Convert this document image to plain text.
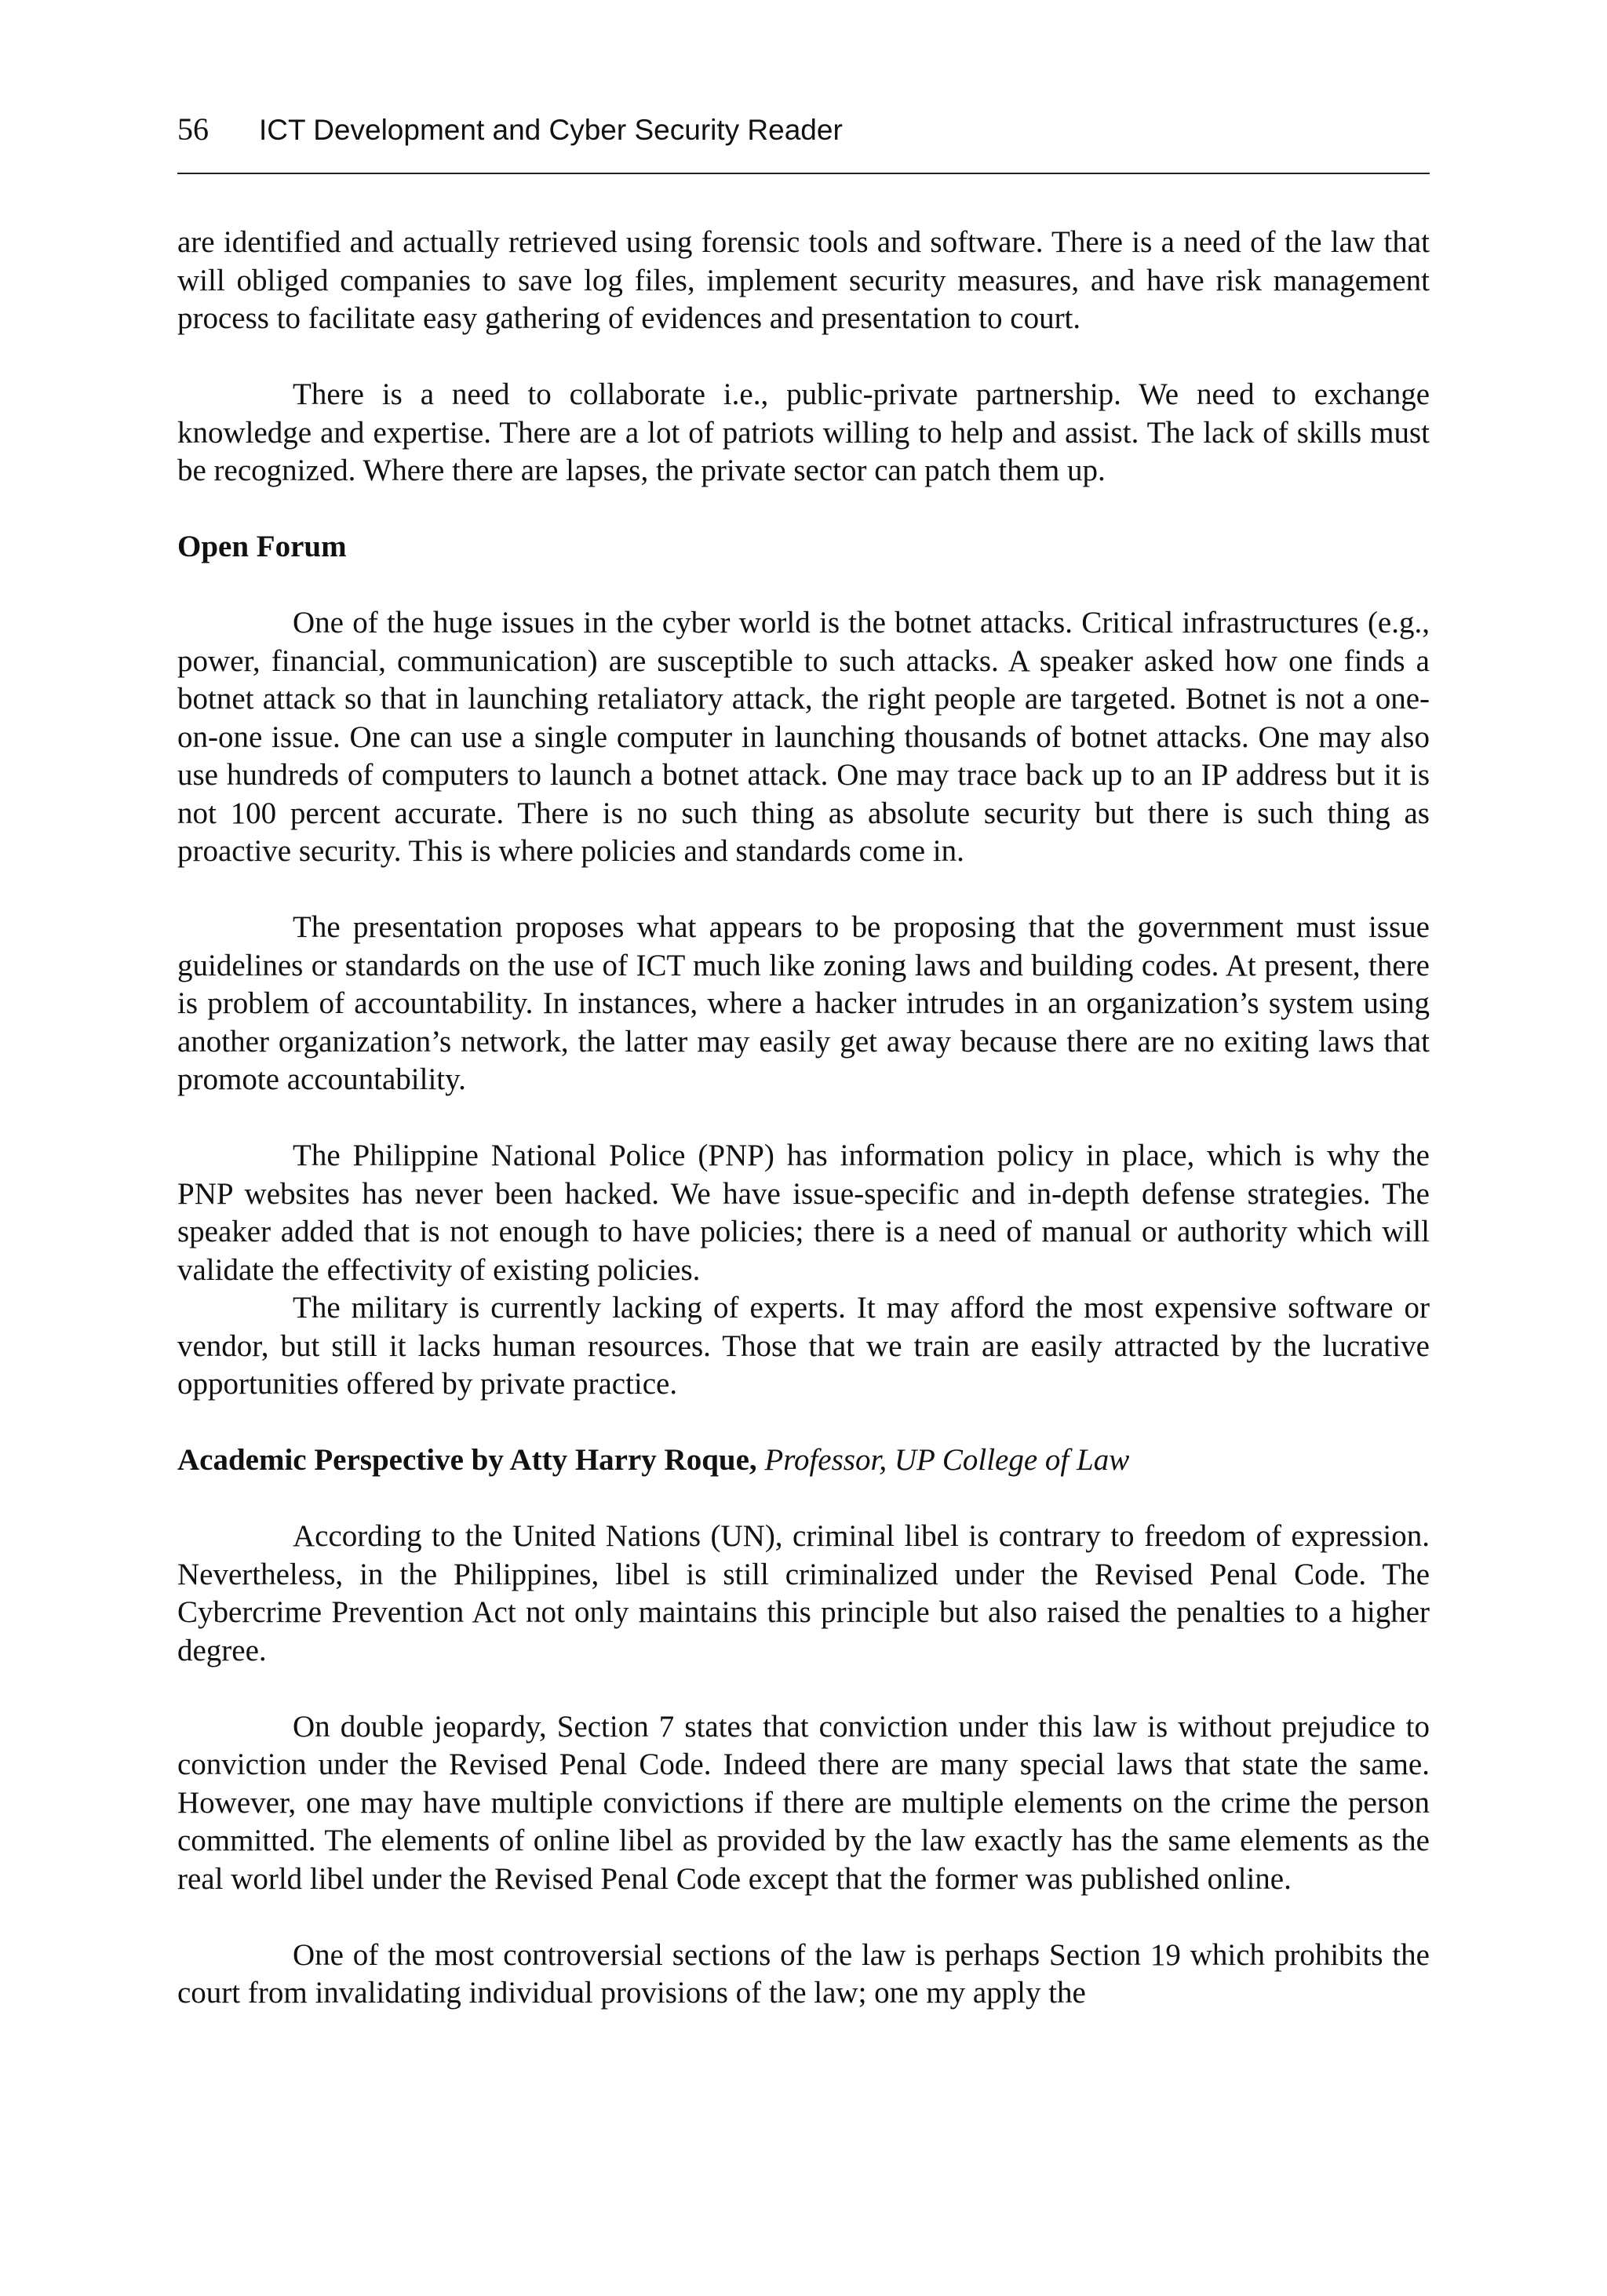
56 ICT Development and Cyber Security Reader

are identified and actually retrieved using forensic tools and software. There is a need of the law that will obliged companies to save log files, implement security measures, and have risk management process to facilitate easy gathering of evidences and presentation to court.

There is a need to collaborate i.e., public-private partnership. We need to exchange knowledge and expertise. There are a lot of patriots willing to help and assist. The lack of skills must be recognized. Where there are lapses, the private sector can patch them up.

Open Forum

One of the huge issues in the cyber world is the botnet attacks. Critical infrastructures (e.g., power, financial, communication) are susceptible to such attacks. A speaker asked how one finds a botnet attack so that in launching retaliatory attack, the right people are targeted. Botnet is not a one-on-one issue. One can use a single computer in launching thousands of botnet attacks. One may also use hundreds of computers to launch a botnet attack. One may trace back up to an IP address but it is not 100 percent accurate. There is no such thing as absolute security but there is such thing as proactive security. This is where policies and standards come in.

The presentation proposes what appears to be proposing that the government must issue guidelines or standards on the use of ICT much like zoning laws and building codes. At present, there is problem of accountability. In instances, where a hacker intrudes in an organization’s system using another organization’s network, the latter may easily get away because there are no exiting laws that promote accountability.

The Philippine National Police (PNP) has information policy in place, which is why the PNP websites has never been hacked. We have issue-specific and in-depth defense strategies. The speaker added that is not enough to have policies; there is a need of manual or authority which will validate the effectivity of existing policies.

The military is currently lacking of experts. It may afford the most expensive software or vendor, but still it lacks human resources. Those that we train are easily attracted by the lucrative opportunities offered by private practice.

Academic Perspective by Atty Harry Roque, Professor, UP College of Law

According to the United Nations (UN), criminal libel is contrary to freedom of expression. Nevertheless, in the Philippines, libel is still criminalized under the Revised Penal Code. The Cybercrime Prevention Act not only maintains this principle but also raised the penalties to a higher degree.

On double jeopardy, Section 7 states that conviction under this law is without prejudice to conviction under the Revised Penal Code. Indeed there are many special laws that state the same. However, one may have multiple convictions if there are multiple elements on the crime the person committed. The elements of online libel as provided by the law exactly has the same elements as the real world libel under the Revised Penal Code except that the former was published online.

One of the most controversial sections of the law is perhaps Section 19 which prohibits the court from invalidating individual provisions of the law; one my apply the
